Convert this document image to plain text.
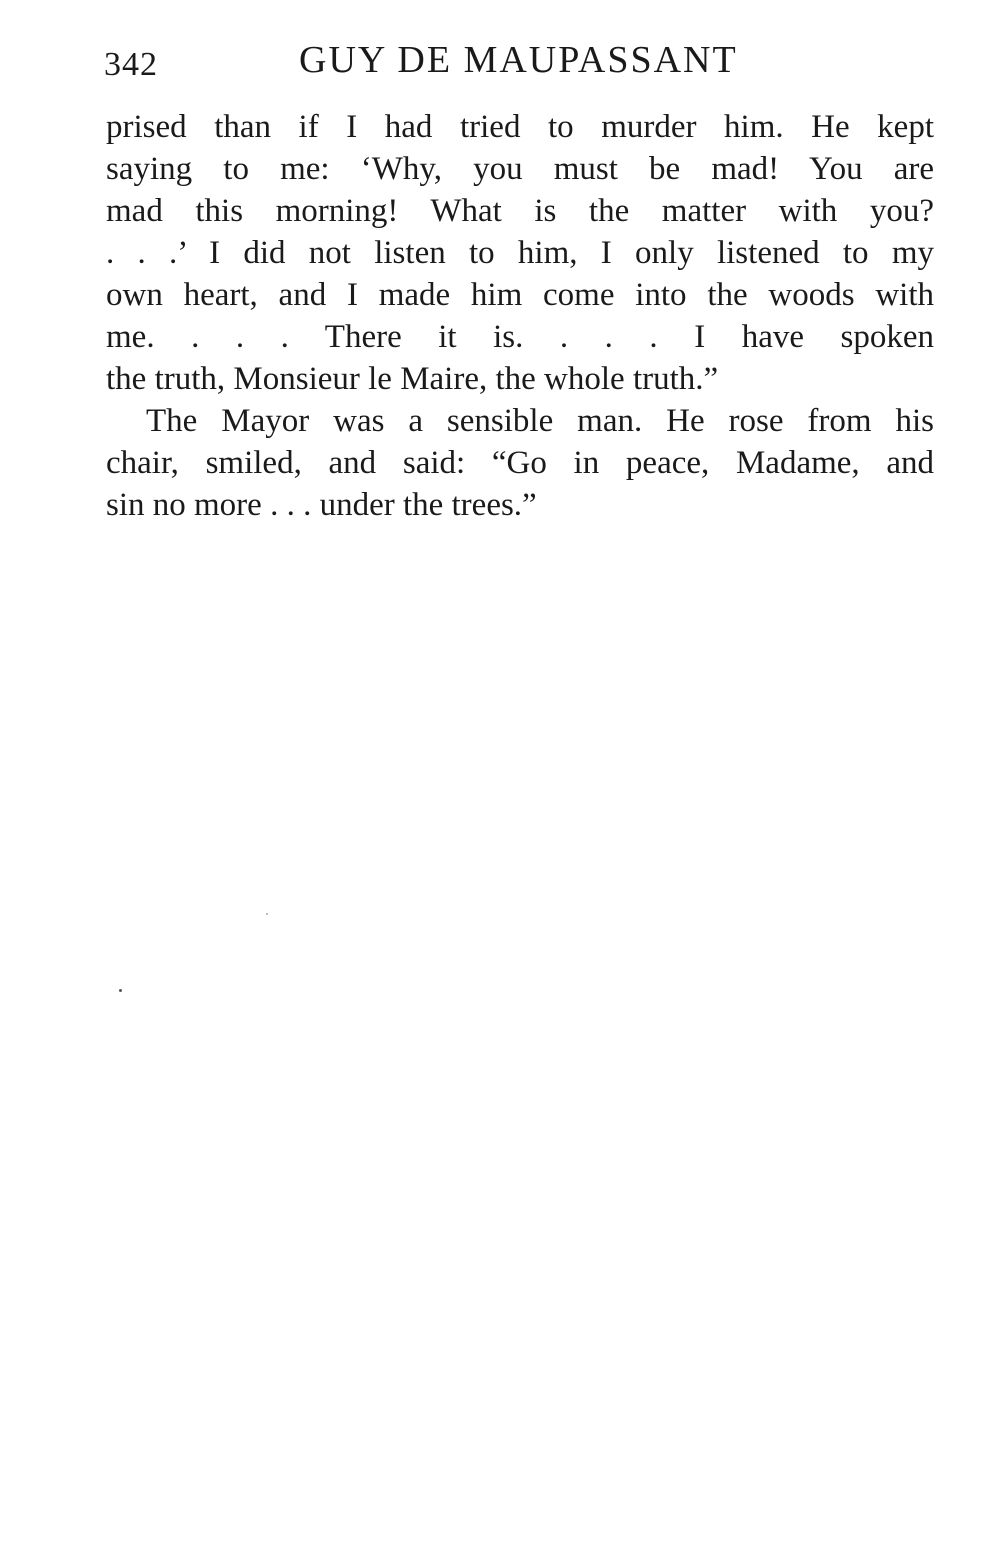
342	GUY DE MAUPASSANT
prised than if I had tried to murder him. He kept
saying to me: ‘Why, you must be mad! You are
mad this morning! What is the matter with you?
. . .’ I did not listen to him, I only listened to my
own heart, and I made him come into the woods with
me. . . . There it is. . . . I have spoken
the truth, Monsieur le Maire, the whole truth.”
The Mayor was a sensible man. He rose from his
chair, smiled, and said: “Go in peace, Madame, and
sin no more . . . under the trees.”
